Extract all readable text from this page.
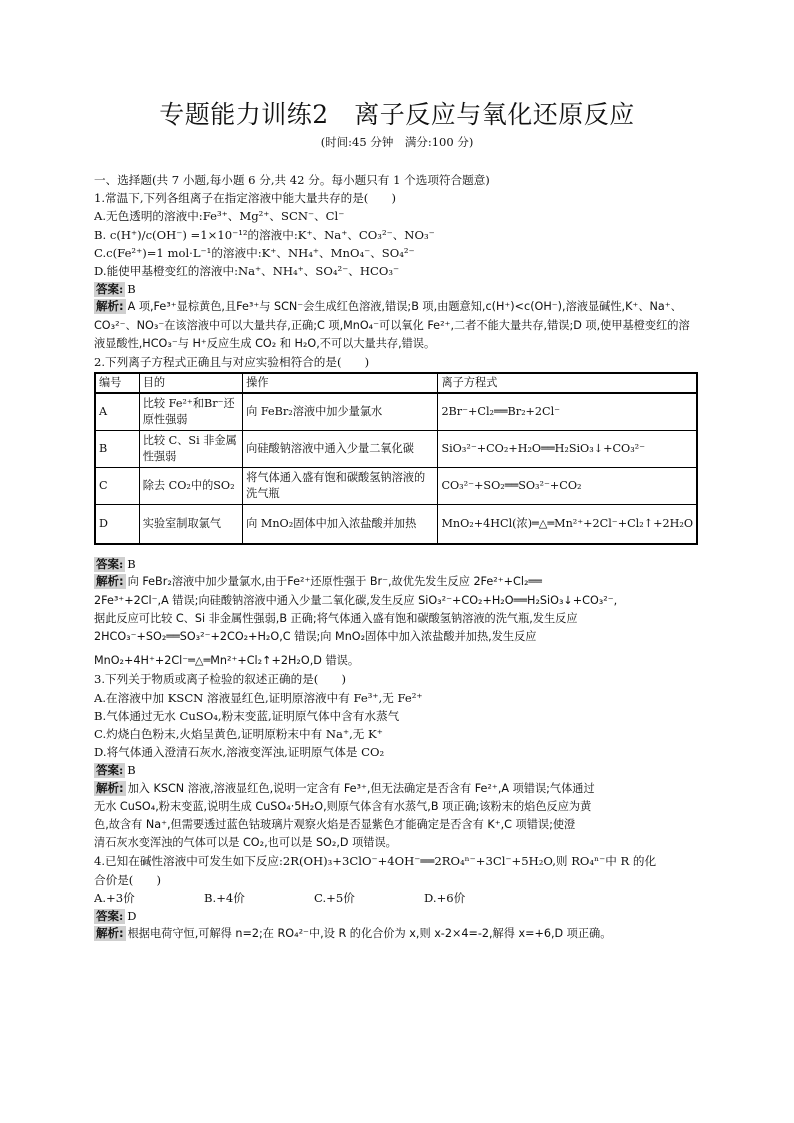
专题能力训练2　离子反应与氧化还原反应
(时间:45 分钟　满分:100 分)
一、选择题(共 7 小题,每小题 6 分,共 42 分。每小题只有 1 个选项符合题意)
1.常温下,下列各组离子在指定溶液中能大量共存的是(　　)
A.无色透明的溶液中:Fe³⁺、Mg²⁺、SCN⁻、Cl⁻
B. c(H⁺)/c(OH⁻) =1×10⁻¹²的溶液中:K⁺、Na⁺、CO₃²⁻、NO₃⁻
C.c(Fe²⁺)=1 mol·L⁻¹的溶液中:K⁺、NH₄⁺、MnO₄⁻、SO₄²⁻
D.能使甲基橙变红的溶液中:Na⁺、NH₄⁺、SO₄²⁻、HCO₃⁻
答案: B
解析: A 项,Fe³⁺显棕黄色,且Fe³⁺与 SCN⁻会生成红色溶液,错误;B 项,由题意知,c(H⁺)<c(OH⁻),溶液显碱性,K⁺、Na⁺、CO₃²⁻、NO₃⁻在该溶液中可以大量共存,正确;C 项,MnO₄⁻可以氧化 Fe²⁺,二者不能大量共存,错误;D 项,使甲基橙变红的溶液显酸性,HCO₃⁻与 H⁺反应生成 CO₂ 和 H₂O,不可以大量共存,错误。
2.下列离子方程式正确且与对应实验相符合的是(　　)
编号	目的	操作	离子方程式
A	比较 Fe²⁺和Br⁻还原性强弱	向 FeBr₂溶液中加少量氯水	2Br⁻+Cl₂══Br₂+2Cl⁻
B	比较 C、Si 非金属性强弱	向硅酸钠溶液中通入少量二氧化碳	SiO₃²⁻+CO₂+H₂O══H₂SiO₃↓+CO₃²⁻
C	除去 CO₂中的SO₂	将气体通入盛有饱和碳酸氢钠溶液的洗气瓶	CO₃²⁻+SO₂══SO₃²⁻+CO₂
D	实验室制取氯气	向 MnO₂固体中加入浓盐酸并加热	MnO₂+4HCl(浓)═△═Mn²⁺+2Cl⁻+Cl₂↑+2H₂O
答案: B
解析: 向 FeBr₂溶液中加少量氯水,由于Fe²⁺还原性强于 Br⁻,故优先发生反应 2Fe²⁺+Cl₂══
2Fe³⁺+2Cl⁻,A 错误;向硅酸钠溶液中通入少量二氧化碳,发生反应 SiO₃²⁻+CO₂+H₂O══H₂SiO₃↓+CO₃²⁻,
据此反应可比较 C、Si 非金属性强弱,B 正确;将气体通入盛有饱和碳酸氢钠溶液的洗气瓶,发生反应
2HCO₃⁻+SO₂══SO₃²⁻+2CO₂+H₂O,C 错误;向 MnO₂固体中加入浓盐酸并加热,发生反应
MnO₂+4H⁺+2Cl⁻═△═Mn²⁺+Cl₂↑+2H₂O,D 错误。
3.下列关于物质或离子检验的叙述正确的是(　　)
A.在溶液中加 KSCN 溶液显红色,证明原溶液中有 Fe³⁺,无 Fe²⁺
B.气体通过无水 CuSO₄,粉末变蓝,证明原气体中含有水蒸气
C.灼烧白色粉末,火焰呈黄色,证明原粉末中有 Na⁺,无 K⁺
D.将气体通入澄清石灰水,溶液变浑浊,证明原气体是 CO₂
答案: B
解析: 加入 KSCN 溶液,溶液显红色,说明一定含有 Fe³⁺,但无法确定是否含有 Fe²⁺,A 项错误;气体通过
无水 CuSO₄,粉末变蓝,说明生成 CuSO₄·5H₂O,则原气体含有水蒸气,B 项正确;该粉末的焰色反应为黄
色,故含有 Na⁺,但需要透过蓝色钴玻璃片观察火焰是否显紫色才能确定是否含有 K⁺,C 项错误;使澄
清石灰水变浑浊的气体可以是 CO₂,也可以是 SO₂,D 项错误。
4.已知在碱性溶液中可发生如下反应:2R(OH)₃+3ClO⁻+4OH⁻══2RO₄ⁿ⁻+3Cl⁻+5H₂O,则 RO₄ⁿ⁻中 R 的化
合价是(　　)
A.+3价	B.+4价	C.+5价	D.+6价
答案: D
解析: 根据电荷守恒,可解得 n=2;在 RO₄²⁻中,设 R 的化合价为 x,则 x-2×4=-2,解得 x=+6,D 项正确。
